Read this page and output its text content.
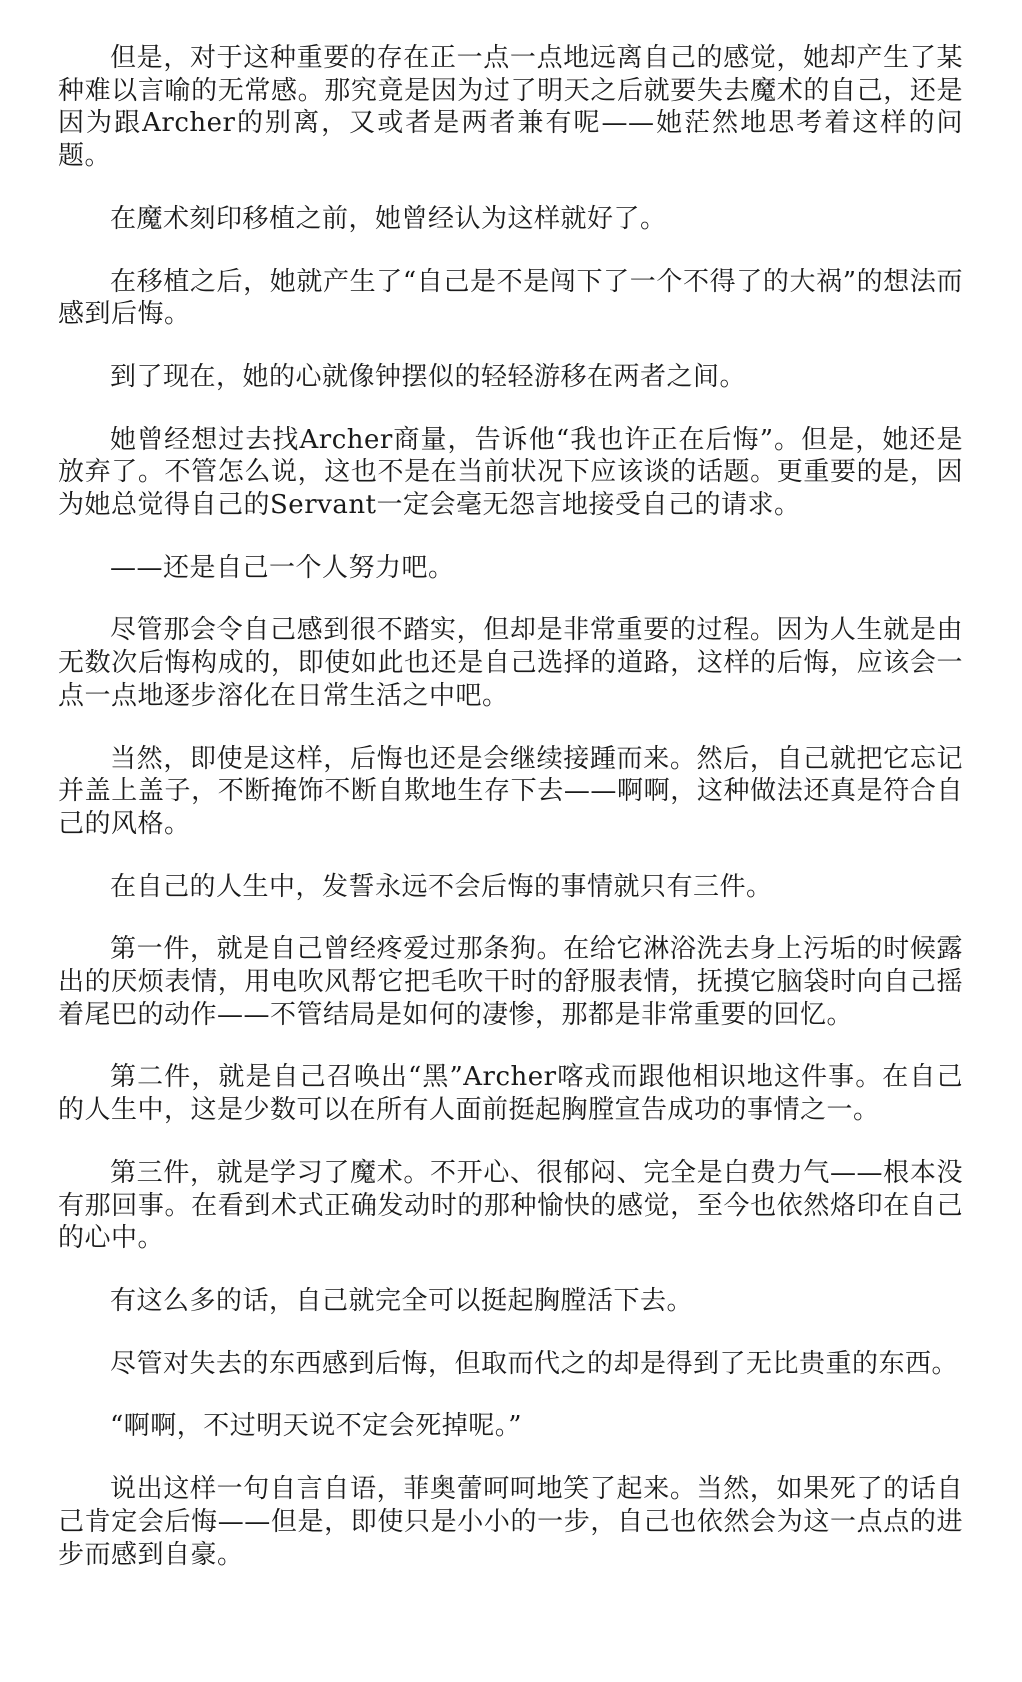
但是，对于这种重要的存在正一点一点地远离自己的感觉，她却产生了某种难以言喻的无常感。那究竟是因为过了明天之后就要失去魔术的自己，还是因为跟Archer的别离，又或者是两者兼有呢——她茫然地思考着这样的问题。

在魔术刻印移植之前，她曾经认为这样就好了。

在移植之后，她就产生了“自己是不是闯下了一个不得了的大祸”的想法而感到后悔。

到了现在，她的心就像钟摆似的轻轻游移在两者之间。

她曾经想过去找Archer商量，告诉他“我也许正在后悔”。但是，她还是放弃了。不管怎么说，这也不是在当前状况下应该谈的话题。更重要的是，因为她总觉得自己的Servant一定会毫无怨言地接受自己的请求。

——还是自己一个人努力吧。

尽管那会令自己感到很不踏实，但却是非常重要的过程。因为人生就是由无数次后悔构成的，即使如此也还是自己选择的道路，这样的后悔，应该会一点一点地逐步溶化在日常生活之中吧。

当然，即使是这样，后悔也还是会继续接踵而来。然后，自己就把它忘记并盖上盖子，不断掩饰不断自欺地生存下去——啊啊，这种做法还真是符合自己的风格。

在自己的人生中，发誓永远不会后悔的事情就只有三件。

第一件，就是自己曾经疼爱过那条狗。在给它淋浴洗去身上污垢的时候露出的厌烦表情，用电吹风帮它把毛吹干时的舒服表情，抚摸它脑袋时向自己摇着尾巴的动作——不管结局是如何的凄惨，那都是非常重要的回忆。

第二件，就是自己召唤出“黑”Archer喀戎而跟他相识地这件事。在自己的人生中，这是少数可以在所有人面前挺起胸膛宣告成功的事情之一。

第三件，就是学习了魔术。不开心、很郁闷、完全是白费力气——根本没有那回事。在看到术式正确发动时的那种愉快的感觉，至今也依然烙印在自己的心中。

有这么多的话，自己就完全可以挺起胸膛活下去。

尽管对失去的东西感到后悔，但取而代之的却是得到了无比贵重的东西。

“啊啊，不过明天说不定会死掉呢。”

说出这样一句自言自语，菲奥蕾呵呵地笑了起来。当然，如果死了的话自己肯定会后悔——但是，即使只是小小的一步，自己也依然会为这一点点的进步而感到自豪。
